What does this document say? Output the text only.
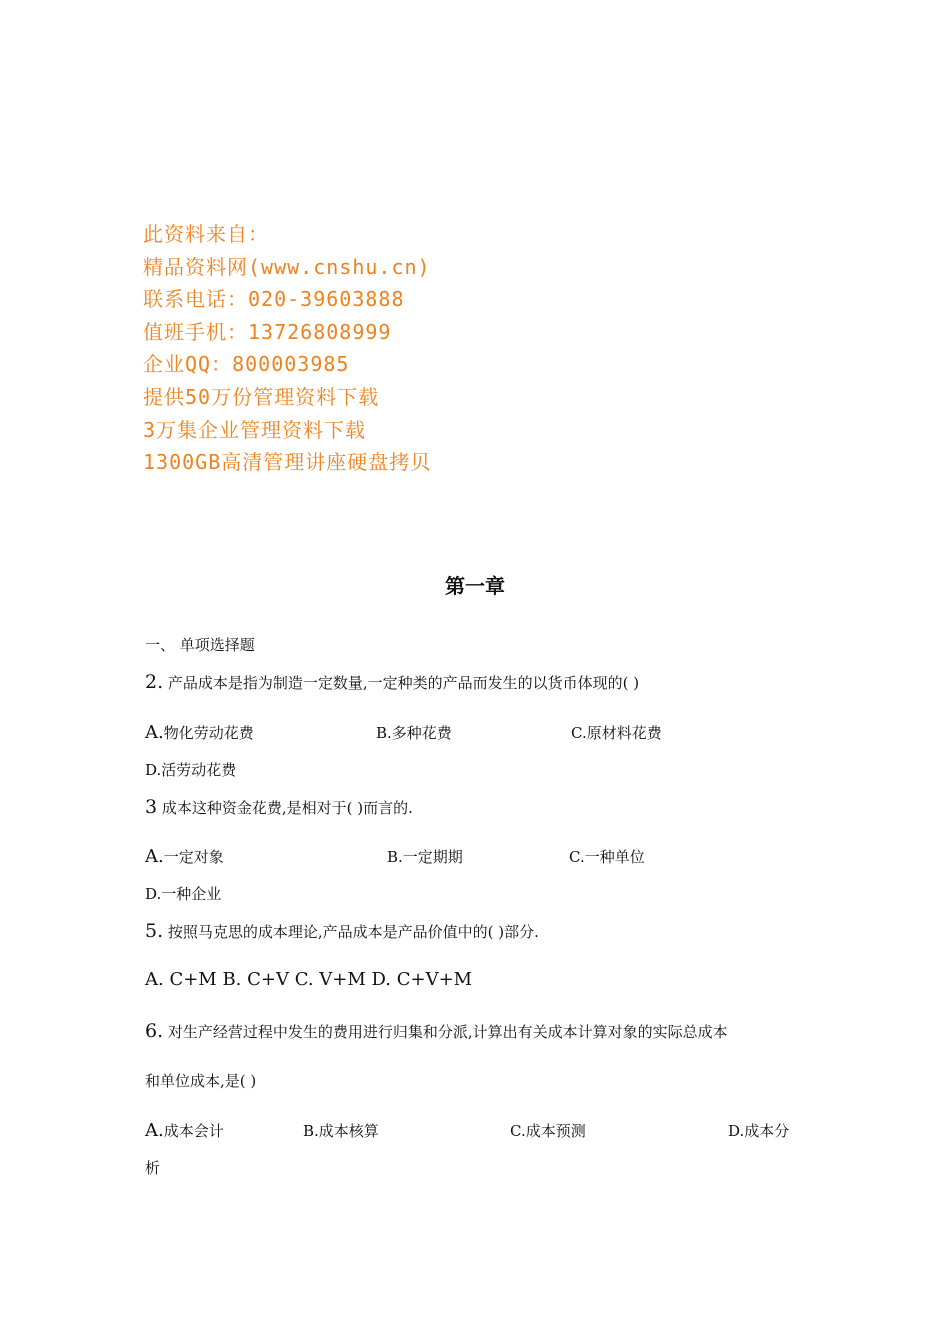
此资料来自：
精品资料网(www.cnshu.cn)
联系电话：020-39603888
值班手机：13726808999
企业QQ：800003985
提供50万份管理资料下载
3万集企业管理资料下载
1300GB高清管理讲座硬盘拷贝
第一章
一、 单项选择题
2. 产品成本是指为制造一定数量,一定种类的产品而发生的以货币体现的( )
A.物化劳动花费	B.多种花费	C.原材料花费
D.活劳动花费
3 成本这种资金花费,是相对于( )而言的.
A.一定对象	B.一定期期	C.一种单位
D.一种企业
5. 按照马克思的成本理论,产品成本是产品价值中的( )部分.
A. C+M B. C+V C. V+M D. C+V+M
6. 对生产经营过程中发生的费用进行归集和分派,计算出有关成本计算对象的实际总成本
和单位成本,是( )
A.成本会计	B.成本核算	C.成本预测	D.成本分
析
